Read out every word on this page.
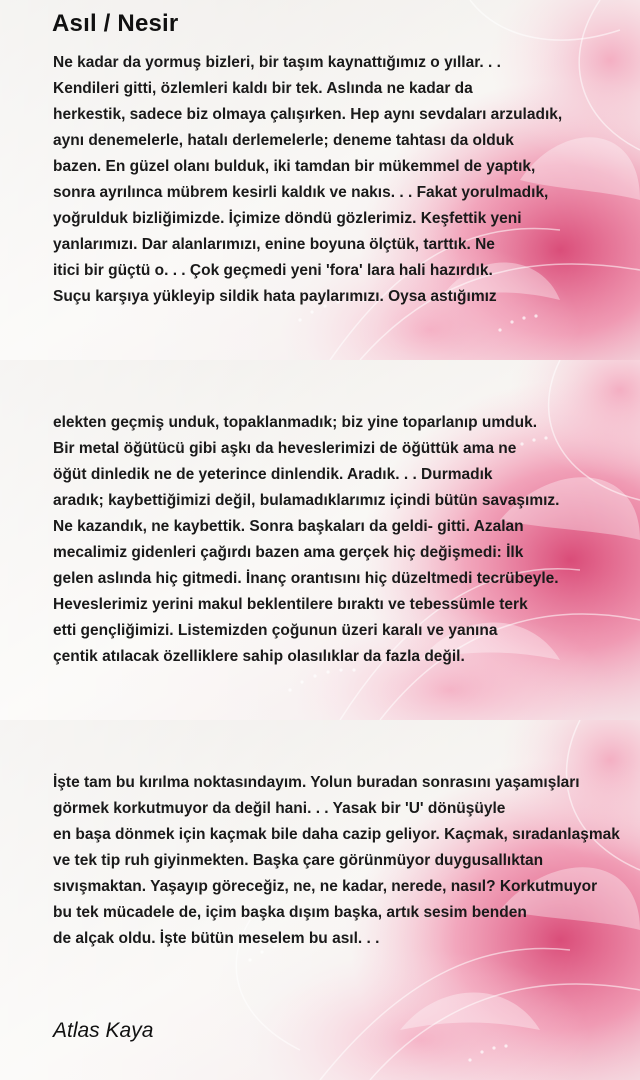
Asıl / Nesir
Ne kadar da yormuş bizleri, bir taşım kaynattığımız o yıllar. . .
Kendileri gitti, özlemleri kaldı bir tek. Aslında ne kadar da
herkestik, sadece biz olmaya çalışırken. Hep aynı sevdaları arzuladık,
aynı denemelerle, hatalı derlemelerle; deneme tahtası da olduk
bazen. En güzel olanı bulduk, iki tamdan bir mükemmel de yaptık,
sonra ayrılınca mübrem kesirli kaldık ve nakıs. . . Fakat yorulmadık,
yoğrulduk bizliğimizde. İçimize döndü gözlerimiz. Keşfettik yeni
yanlarımızı. Dar alanlarımızı, enine boyuna ölçtük, tarttık. Ne
itici bir güçtü o. . . Çok geçmedi yeni 'fora' lara hali hazırdık.
Suçu karşıya yükleyip sildik hata paylarımızı. Oysa astığımız
elekten geçmiş unduk, topaklanmadık; biz yine toparlanıp umduk.
Bir metal öğütücü gibi aşkı da heveslerimizi de öğüttük ama ne
öğüt dinledik ne de yeterince dinlendik. Aradık. . . Durmadık
aradık; kaybettiğimizi değil, bulamadıklarımız içindi bütün savaşımız.
Ne kazandık, ne kaybettik. Sonra başkaları da geldi- gitti. Azalan
mecalimiz gidenleri çağırdı bazen ama gerçek hiç değişmedi: İlk
gelen aslında hiç gitmedi. İnanç orantısını hiç düzeltmedi tecrübeyle.
Heveslerimiz yerini makul beklentilere bıraktı ve tebessümle terk
etti gençliğimizi. Listemizden çoğunun üzeri karalı ve yanına
çentik atılacak özelliklere sahip olasılıklar da fazla değil.
İşte tam bu kırılma noktasındayım. Yolun buradan sonrasını yaşamışları
görmek korkutmuyor da değil hani. . . Yasak bir 'U' dönüşüyle
en başa dönmek için kaçmak bile daha cazip geliyor. Kaçmak, sıradanlaşmak
ve tek tip ruh giyinmekten. Başka çare görünmüyor duygusallıktan
sıvışmaktan. Yaşayıp göreceğiz, ne, ne kadar, nerede, nasıl? Korkutmuyor
bu tek mücadele de, içim başka dışım başka, artık sesim benden
de alçak oldu. İşte bütün meselem bu asıl. . .

Atlas Kaya
